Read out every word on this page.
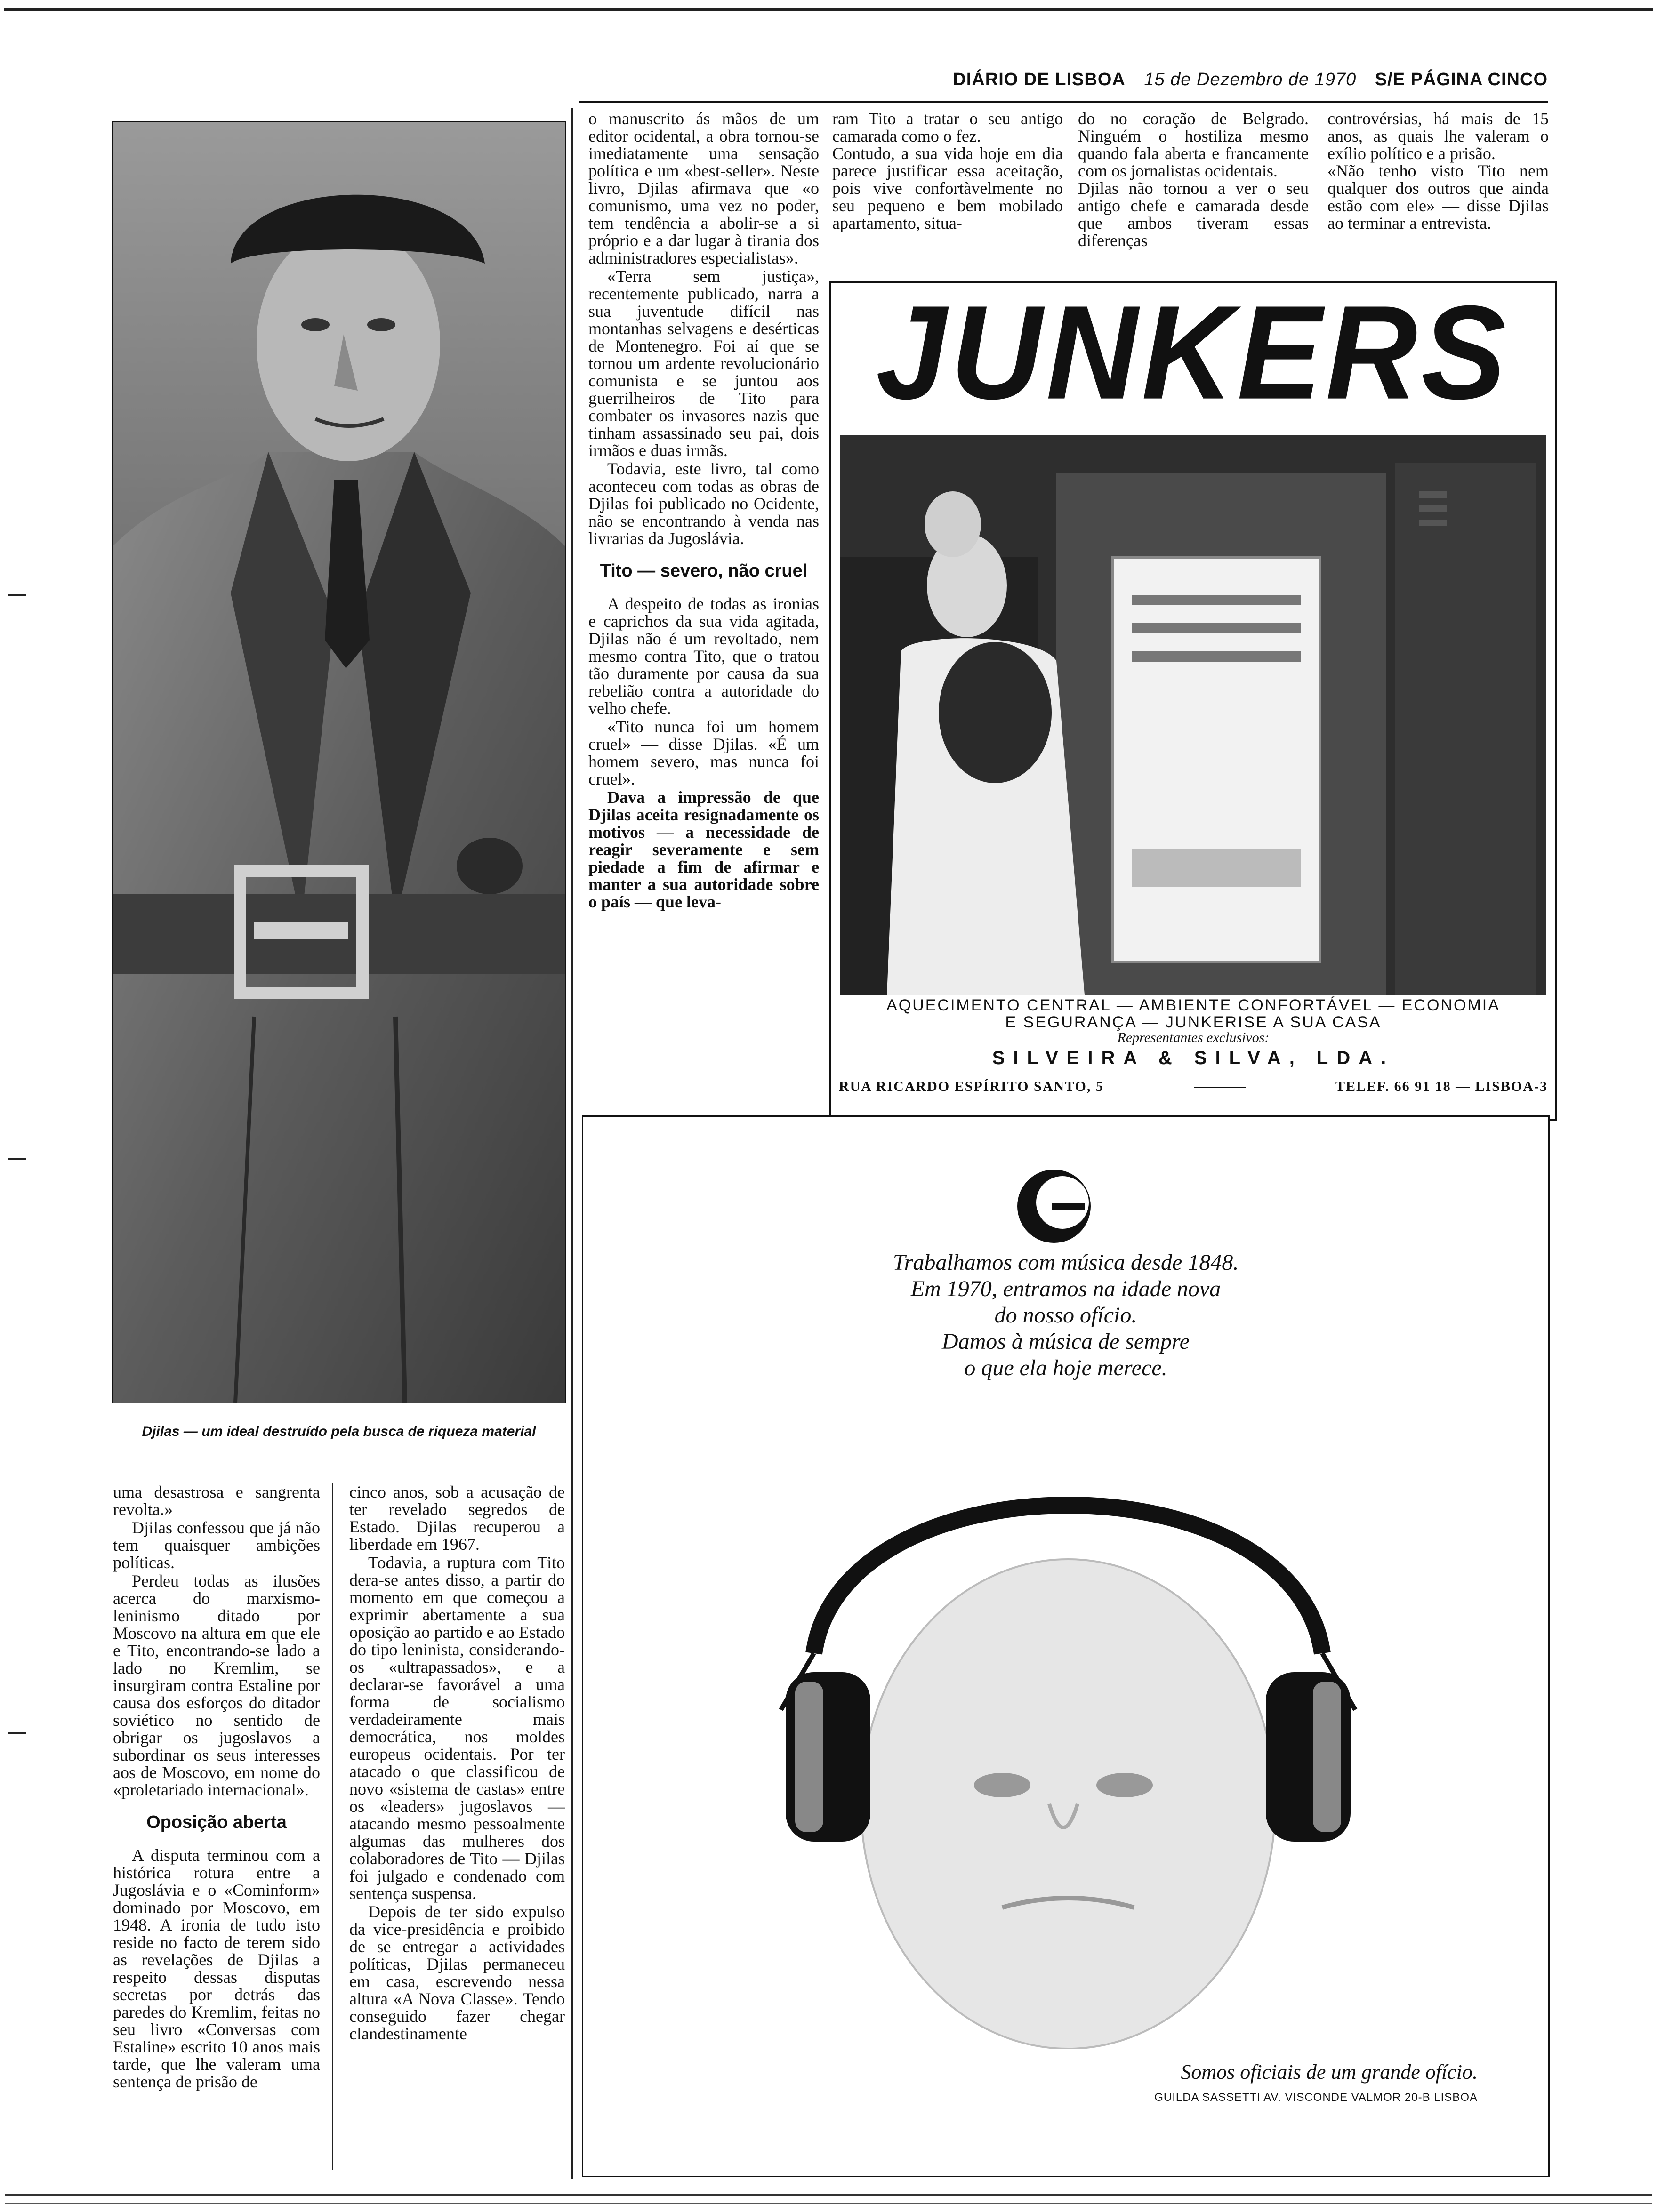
DIÁRIO DE LISBOA 15 de Dezembro de 1970 S/E PÁGINA CINCO
Djilas — um ideal destruído pela busca de riqueza material

uma desastrosa e sangrenta revolta.»

Djilas confessou que já não tem quaisquer ambições políticas.

Perdeu todas as ilusões acerca do marxismo-leninismo ditado por Moscovo na altura em que ele e Tito, encontrando-se lado a lado no Kremlim, se insurgiram contra Estaline por causa dos esforços do ditador soviético no sentido de obrigar os jugoslavos a subordinar os seus interesses aos de Moscovo, em nome do «proletariado internacional».

Oposição aberta

A disputa terminou com a histórica rotura entre a Jugoslávia e o «Cominform» dominado por Moscovo, em 1948. A ironia de tudo isto reside no facto de terem sido as revelações de Djilas a respeito dessas disputas secretas por detrás das paredes do Kremlim, feitas no seu livro «Conversas com Estaline» escrito 10 anos mais tarde, que lhe valeram uma sentença de prisão de

cinco anos, sob a acusação de ter revelado segredos de Estado. Djilas recuperou a liberdade em 1967.

Todavia, a ruptura com Tito dera-se antes disso, a partir do momento em que começou a exprimir abertamente a sua oposição ao partido e ao Estado do tipo leninista, considerando-os «ultrapassados», e a declarar-se favorável a uma forma de socialismo verdadeiramente mais democrática, nos moldes europeus ocidentais. Por ter atacado o que classificou de novo «sistema de castas» entre os «leaders» jugoslavos — atacando mesmo pessoalmente algumas das mulheres dos colaboradores de Tito — Djilas foi julgado e condenado com sentença suspensa.

Depois de ter sido expulso da vice-presidência e proibido de se entregar a actividades políticas, Djilas permaneceu em casa, escrevendo nessa altura «A Nova Classe». Tendo conseguido fazer chegar clandestinamente

o manuscrito ás mãos de um editor ocidental, a obra tornou-se imediatamente uma sensação política e um «best-seller». Neste livro, Djilas afirmava que «o comunismo, uma vez no poder, tem tendência a abolir-se a si próprio e a dar lugar à tirania dos administradores especialistas».

«Terra sem justiça», recentemente publicado, narra a sua juventude difícil nas montanhas selvagens e desérticas de Montenegro. Foi aí que se tornou um ardente revolucionário comunista e se juntou aos guerrilheiros de Tito para combater os invasores nazis que tinham assassinado seu pai, dois irmãos e duas irmãs.

Todavia, este livro, tal como aconteceu com todas as obras de Djilas foi publicado no Ocidente, não se encontrando à venda nas livrarias da Jugoslávia.

Tito — severo, não cruel

A despeito de todas as ironias e caprichos da sua vida agitada, Djilas não é um revoltado, nem mesmo contra Tito, que o tratou tão duramente por causa da sua rebelião contra a autoridade do velho chefe.

«Tito nunca foi um homem cruel» — disse Djilas. «É um homem severo, mas nunca foi cruel».

Dava a impressão de que Djilas aceita resignadamente os motivos — a necessidade de reagir severamente e sem piedade a fim de afirmar e manter a sua autoridade sobre o país — que leva-

ram Tito a tratar o seu antigo camarada como o fez.
Contudo, a sua vida hoje em dia parece justificar essa aceitação, pois vive confortàvelmente no seu pequeno e bem mobilado apartamento, situa-
do no coração de Belgrado. Ninguém o hostiliza mesmo quando fala aberta e francamente com os jornalistas ocidentais.
Djilas não tornou a ver o seu antigo chefe e camarada desde que ambos tiveram essas diferenças
controvérsias, há mais de 15 anos, as quais lhe valeram o exílio político e a prisão.
«Não tenho visto Tito nem qualquer dos outros que ainda estão com ele» — disse Djilas ao terminar a entrevista.
JUNKERS
AQUECIMENTO CENTRAL — AMBIENTE CONFORTÁVEL — ECONOMIA
E SEGURANÇA — JUNKERISE A SUA CASA
Representantes exclusivos:
SILVEIRA & SILVA, LDA.
RUA RICARDO ESPÍRITO SANTO, 5	TELEF. 66 91 18 — LISBOA-3
Trabalhamos com música desde 1848.
Em 1970, entramos na idade nova
do nosso ofício.
Damos à música de sempre
o que ela hoje merece.
Somos oficiais de um grande ofício.
GUILDA SASSETTI AV. VISCONDE VALMOR 20-B LISBOA
